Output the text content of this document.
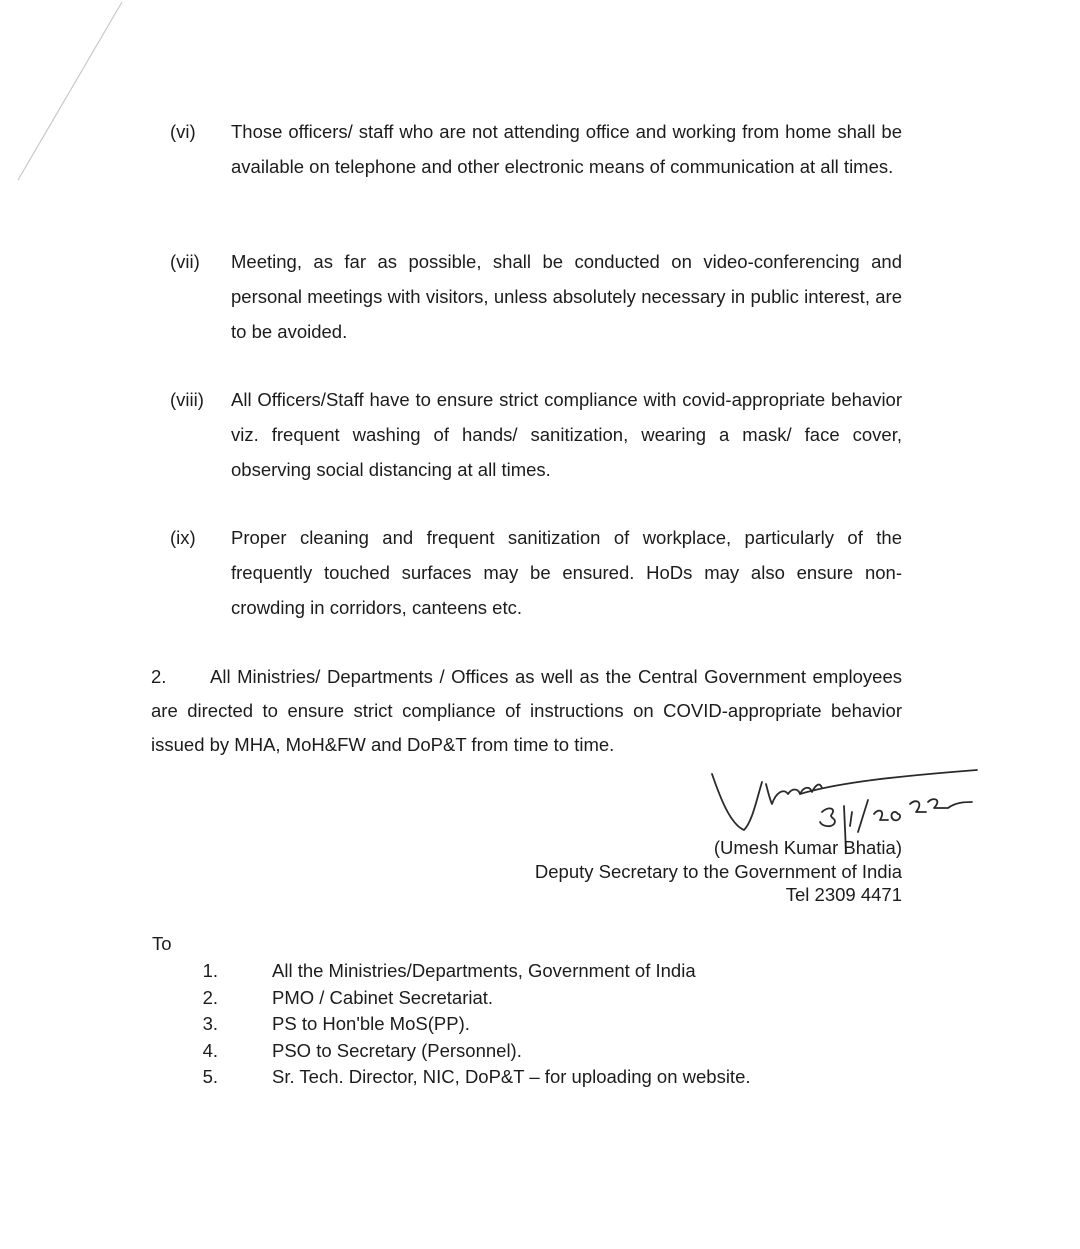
(vi) Those officers/ staff who are not attending office and working from home shall be available on telephone and other electronic means of communication at all times.
(vii) Meeting, as far as possible, shall be conducted on video-conferencing and personal meetings with visitors, unless absolutely necessary in public interest, are to be avoided.
(viii) All Officers/Staff have to ensure strict compliance with covid-appropriate behavior viz. frequent washing of hands/ sanitization, wearing a mask/ face cover, observing social distancing at all times.
(ix) Proper cleaning and frequent sanitization of workplace, particularly of the frequently touched surfaces may be ensured. HoDs may also ensure non-crowding in corridors, canteens etc.
2. All Ministries/ Departments / Offices as well as the Central Government employees are directed to ensure strict compliance of instructions on COVID-appropriate behavior issued by MHA, MoH&FW and DoP&T from time to time.
(Umesh Kumar Bhatia)
Deputy Secretary to the Government of India
Tel 2309 4471
To
1.	All the Ministries/Departments, Government of India
2.	PMO / Cabinet Secretariat.
3.	PS to Hon'ble MoS(PP).
4.	PSO to Secretary (Personnel).
5.	Sr. Tech. Director, NIC, DoP&T – for uploading on website.
